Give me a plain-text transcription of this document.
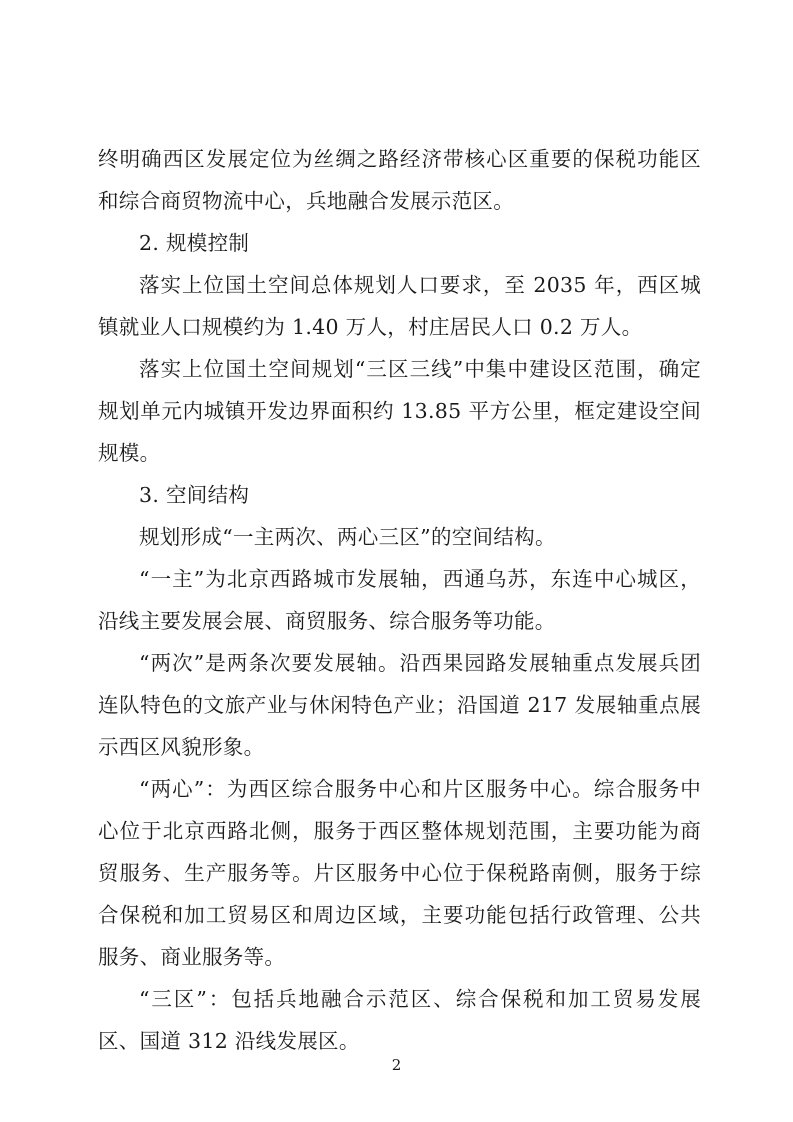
终明确西区发展定位为丝绸之路经济带核心区重要的保税功能区和综合商贸物流中心，兵地融合发展示范区。

2. 规模控制

落实上位国土空间总体规划人口要求，至 2035 年，西区城镇就业人口规模约为 1.40 万人，村庄居民人口 0.2 万人。

落实上位国土空间规划“三区三线”中集中建设区范围，确定规划单元内城镇开发边界面积约 13.85 平方公里，框定建设空间规模。

3. 空间结构

规划形成“一主两次、两心三区”的空间结构。

“一主”为北京西路城市发展轴，西通乌苏，东连中心城区，沿线主要发展会展、商贸服务、综合服务等功能。

“两次”是两条次要发展轴。沿西果园路发展轴重点发展兵团连队特色的文旅产业与休闲特色产业；沿国道 217 发展轴重点展示西区风貌形象。

“两心”：为西区综合服务中心和片区服务中心。综合服务中心位于北京西路北侧，服务于西区整体规划范围，主要功能为商贸服务、生产服务等。片区服务中心位于保税路南侧，服务于综合保税和加工贸易区和周边区域，主要功能包括行政管理、公共服务、商业服务等。

“三区”：包括兵地融合示范区、综合保税和加工贸易发展区、国道 312 沿线发展区。

2
